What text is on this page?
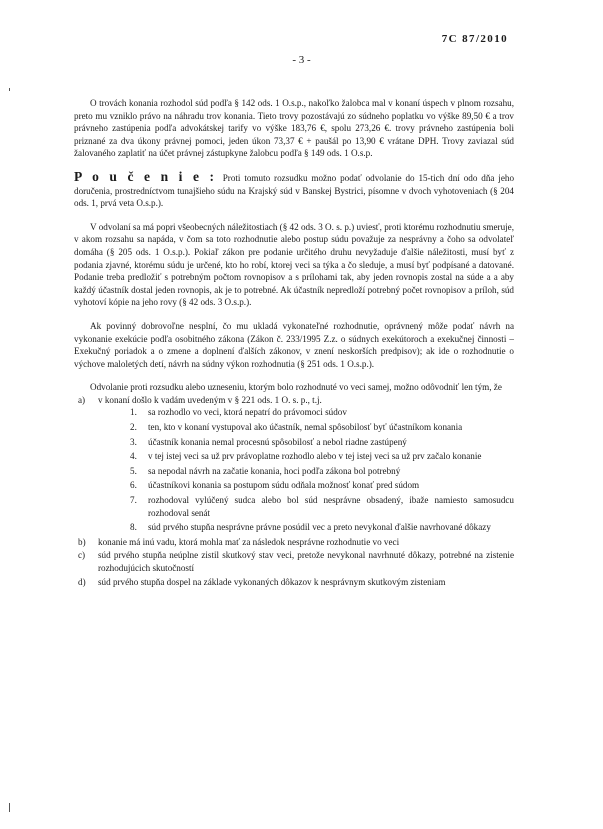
7C 87/2010
- 3 -

O trovách konania rozhodol súd podľa § 142 ods. 1 O.s.p., nakoľko žalobca mal v konaní úspech v plnom rozsahu, preto mu vzniklo právo na náhradu trov konania. Tieto trovy pozostávajú zo súdneho poplatku vo výške 89,50 € a trov právneho zastúpenia podľa advokátskej tarify vo výške 183,76 €, spolu 273,26 €. trovy právneho zastúpenia boli priznané za dva úkony právnej pomoci, jeden úkon 73,37 € + paušál po 13,90 € vrátane DPH. Trovy zaviazal súd žalovaného zaplatiť na účet právnej zástupkyne žalobcu podľa § 149 ods. 1 O.s.p.

P o u č e n i e : Proti tomuto rozsudku možno podať odvolanie do 15-tich dní odo dňa jeho doručenia, prostredníctvom tunajšieho súdu na Krajský súd v Banskej Bystrici, písomne v dvoch vyhotoveniach (§ 204 ods. 1, prvá veta O.s.p.).

V odvolaní sa má popri všeobecných náležitostiach (§ 42 ods. 3 O. s. p.) uviesť, proti ktorému rozhodnutiu smeruje, v akom rozsahu sa napáda, v čom sa toto rozhodnutie alebo postup súdu považuje za nesprávny a čoho sa odvolateľ domáha (§ 205 ods. 1 O.s.p.). Pokiaľ zákon pre podanie určitého druhu nevyžaduje ďalšie náležitosti, musí byť z podania zjavné, ktorému súdu je určené, kto ho robí, ktorej veci sa týka a čo sleduje, a musí byť podpísané a datované. Podanie treba predložiť s potrebným počtom rovnopisov a s prílohami tak, aby jeden rovnopis zostal na súde a a aby každý účastník dostal jeden rovnopis, ak je to potrebné. Ak účastník nepredloží potrebný počet rovnopisov a príloh, súd vyhotoví kópie na jeho rovy (§ 42 ods. 3 O.s.p.).

Ak povinný dobrovoľne nesplní, čo mu ukladá vykonateľné rozhodnutie, oprávnený môže podať návrh na vykonanie exekúcie podľa osobitného zákona (Zákon č. 233/1995 Z.z. o súdnych exekútoroch a exekučnej činnosti – Exekučný poriadok a o zmene a doplnení ďalších zákonov, v znení neskorších predpisov); ak ide o rozhodnutie o výchove maloletých detí, návrh na súdny výkon rozhodnutia (§ 251 ods. 1 O.s.p.).

Odvolanie proti rozsudku alebo uzneseniu, ktorým bolo rozhodnuté vo veci samej, možno odôvodniť len tým, že

a) v konaní došlo k vadám uvedeným v § 221 ods. 1 O. s. p., t.j.
1. sa rozhodlo vo veci, ktorá nepatrí do právomoci súdov
2. ten, kto v konaní vystupoval ako účastník, nemal spôsobilosť byť účastníkom konania
3. účastník konania nemal procesnú spôsobilosť a nebol riadne zastúpený
4. v tej istej veci sa už prv právoplatne rozhodlo alebo v tej istej veci sa už prv začalo konanie
5. sa nepodal návrh na začatie konania, hoci podľa zákona bol potrebný
6. účastníkovi konania sa postupom súdu odňala možnosť konať pred súdom
7. rozhodoval vylúčený sudca alebo bol súd nesprávne obsadený, ibaže namiesto samosudcu rozhodoval senát
8. súd prvého stupňa nesprávne právne posúdil vec a preto nevykonal ďalšie navrhované dôkazy
b) konanie má inú vadu, ktorá mohla mať za následok nesprávne rozhodnutie vo veci
c) súd prvého stupňa neúplne zistil skutkový stav veci, pretože nevykonal navrhnuté dôkazy, potrebné na zistenie rozhodujúcich skutočností
d) súd prvého stupňa dospel na základe vykonaných dôkazov k nesprávnym skutkovým zisteniam
